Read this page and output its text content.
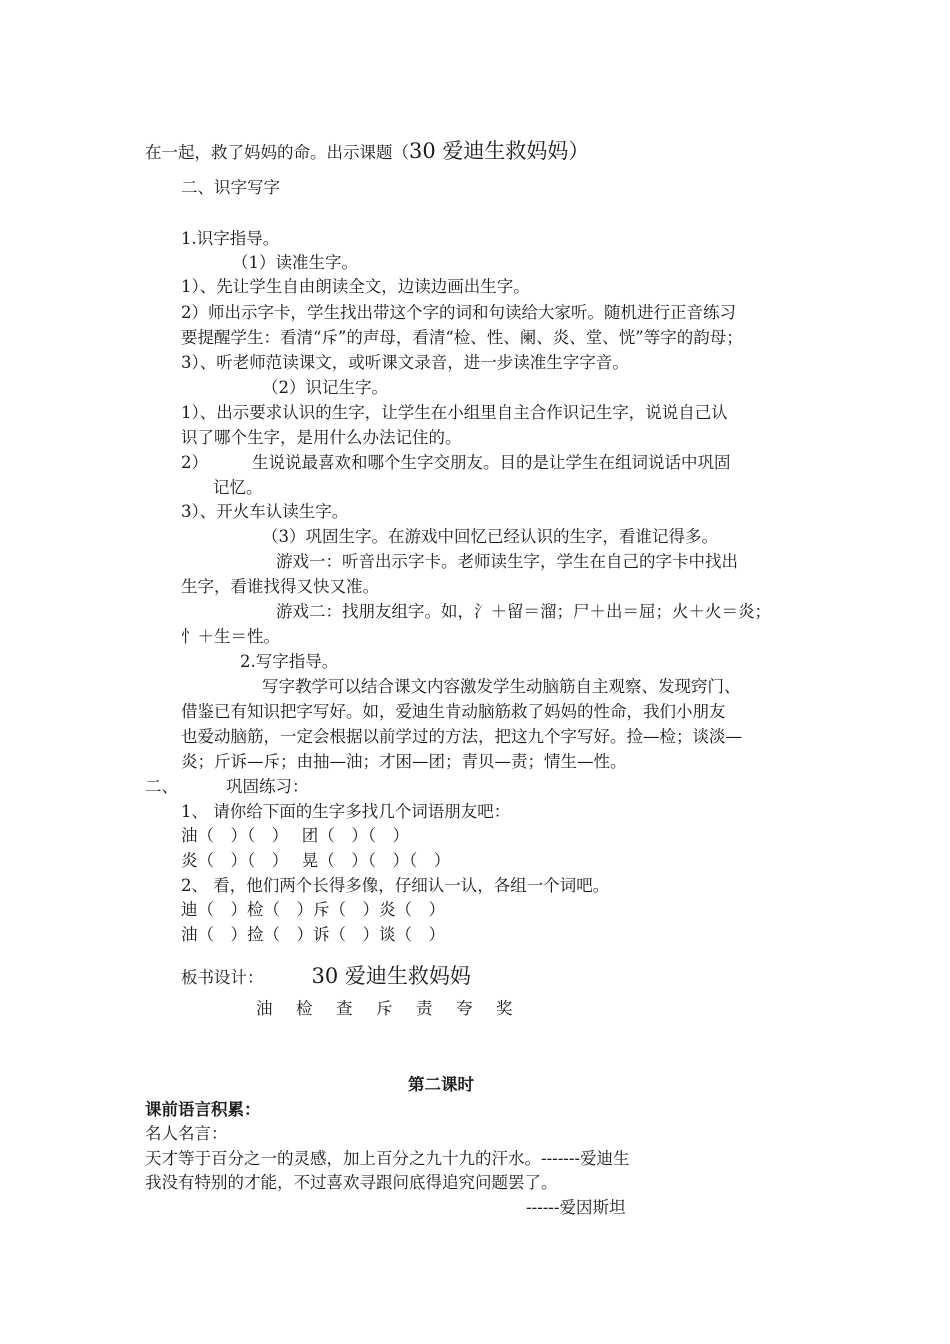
在一起，救了妈妈的命。出示课题（30 爱迪生救妈妈）
二、识字写字
1.识字指导。
（1）读准生字。
1）、先让学生自由朗读全文，边读边画出生字。
2）师出示字卡，学生找出带这个字的词和句读给大家听。随机进行正音练习
要提醒学生：看清“斥”的声母，看清“检、性、阑、炎、堂、恍”等字的韵母；
3）、听老师范读课文，或听课文录音，进一步读准生字字音。
（2）识记生字。
1）、出示要求认识的生字，让学生在小组里自主合作识记生字，说说自己认
识了哪个生字，是用什么办法记住的。
2）	生说说最喜欢和哪个生字交朋友。目的是让学生在组词说话中巩固
记忆。
3）、开火车认读生字。
（3）巩固生字。在游戏中回忆已经认识的生字，看谁记得多。
游戏一：听音出示字卡。老师读生字，学生在自己的字卡中找出
生字，看谁找得又快又准。
游戏二：找朋友组字。如，氵＋留＝溜；尸＋出＝屈；火＋火＝炎；
忄＋生＝性。
2.写字指导。
写字教学可以结合课文内容激发学生动脑筋自主观察、发现窍门、
借鉴已有知识把字写好。如，爱迪生肯动脑筋救了妈妈的性命，我们小朋友
也爱动脑筋，一定会根据以前学过的方法，把这九个字写好。捡—检；谈淡—
炎；斤诉—斥；由抽—油；才困—团；青贝—责；情生—性。
二、	巩固练习：
1、 请你给下面的生字多找几个词语朋友吧：
油（　）（　）　 团（　）（　）
炎（　）（　）　 晃（　）（　）（　）
2、 看，他们两个长得多像，仔细认一认，各组一个词吧。
迪（　）检（　）斥（　）炎（　）
油（　）捡（　）诉（　）谈（　）
板书设计： 30 爱迪生救妈妈
油 检 查 斥 责 夸 奖
第二课时
课前语言积累：
名人名言：
天才等于百分之一的灵感，加上百分之九十九的汗水。-------爱迪生
我没有特别的才能，不过喜欢寻跟问底得追究问题罢了。
------爱因斯坦
